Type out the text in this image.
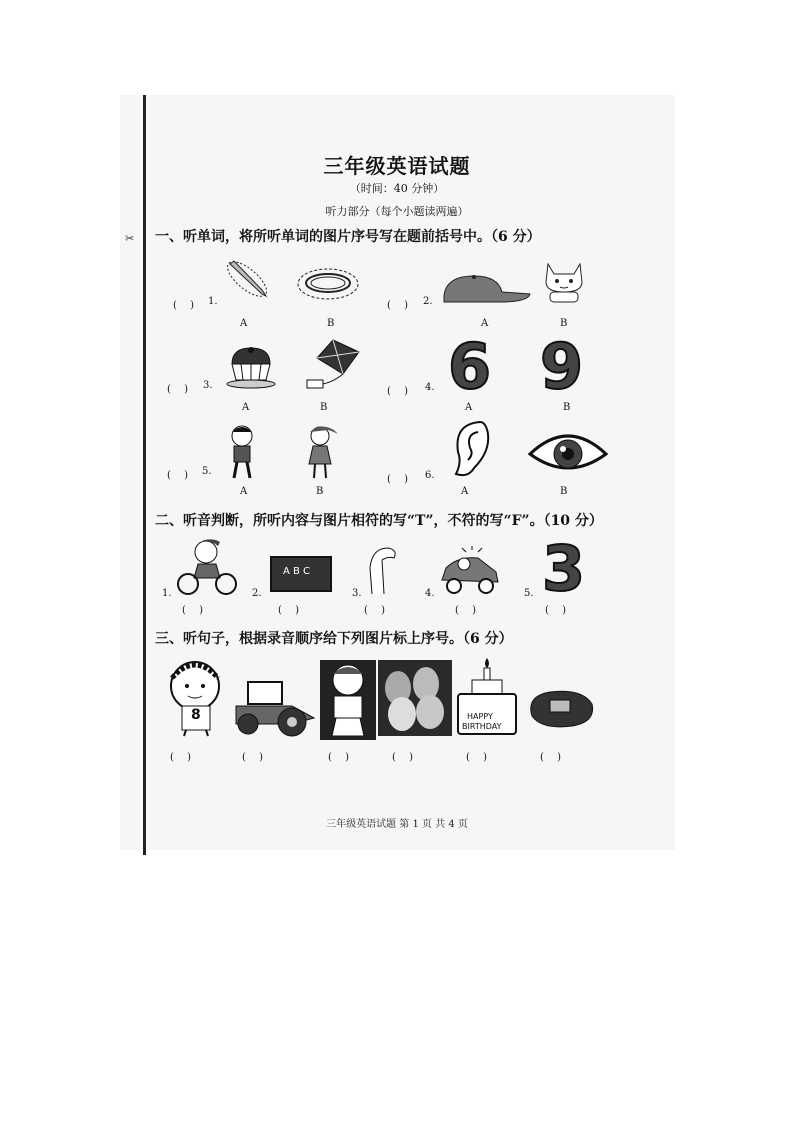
✂
三年级英语试题
（时间：40 分钟）
听力部分（每个小题读两遍）
一、听单词，将所听单词的图片序号写在题前括号中。（6 分）
(　 ) 1.
A	B
(　 ) 2.
A	B
(　 ) 3.
A	B
(　 ) 4. 6
A
9
B
(　 ) 5.
A	B
(　 ) 6.
A	B
二、听音判断，所听内容与图片相符的写“T”，不符的写“F”。（10 分）
1.
(　 )
2.
A B C
(　 )
3.
(　 )
4.
(　 )
5. 3
(　 )
三、听句子，根据录音顺序给下列图片标上序号。（6 分）
8
(　 )	(　 )	(　 )	(　 )
HAPPY
BIRTHDAY
(　 )	(　 )
三年级英语试题 第 1 页 共 4 页
